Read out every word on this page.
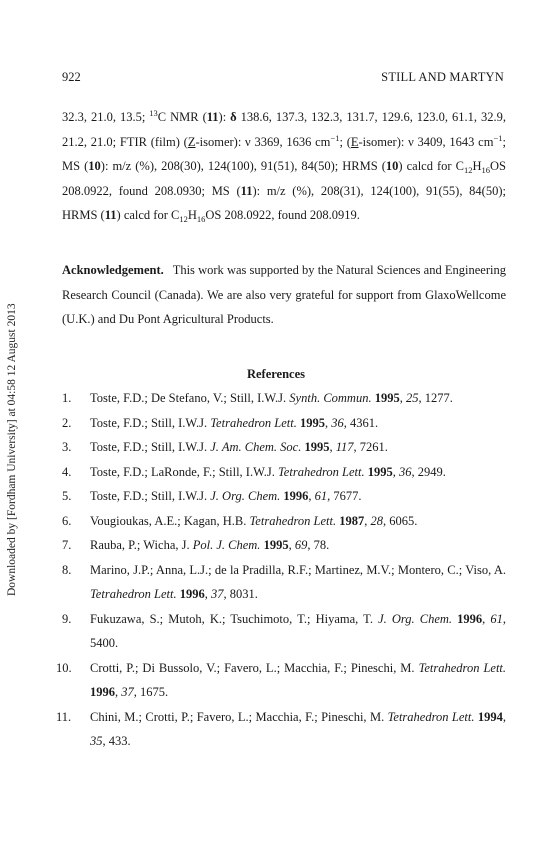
922	STILL AND MARTYN
Downloaded by [Fordham University] at 04:58 12 August 2013
32.3, 21.0, 13.5; $^{13}$C NMR (11): δ 138.6, 137.3, 132.3, 131.7, 129.6, 123.0, 61.1, 32.9, 21.2, 21.0; FTIR (film) (Z-isomer): ν 3369, 1636 $cm^{-1}$; (E-isomer): ν 3409, 1643 $cm^{-1}$; MS (10): m/z (%), 208(30), 124(100), 91(51), 84(50); HRMS (10) calcd for $C_{12}H_{16}OS$ 208.0922, found 208.0930; MS (11): m/z (%), 208(31), 124(100), 91(55), 84(50); HRMS (11) calcd for $C_{12}H_{16}OS$ 208.0922, found 208.0919.
Acknowledgement. This work was supported by the Natural Sciences and Engineering Research Council (Canada). We are also very grateful for support from GlaxoWellcome (U.K.) and Du Pont Agricultural Products.
References
1. Toste, F.D.; De Stefano, V.; Still, I.W.J. Synth. Commun. 1995, 25, 1277.
2. Toste, F.D.; Still, I.W.J. Tetrahedron Lett. 1995, 36, 4361.
3. Toste, F.D.; Still, I.W.J. J. Am. Chem. Soc. 1995, 117, 7261.
4. Toste, F.D.; LaRonde, F.; Still, I.W.J. Tetrahedron Lett. 1995, 36, 2949.
5. Toste, F.D.; Still, I.W.J. J. Org. Chem. 1996, 61, 7677.
6. Vougioukas, A.E.; Kagan, H.B. Tetrahedron Lett. 1987, 28, 6065.
7. Rauba, P.; Wicha, J. Pol. J. Chem. 1995, 69, 78.
8. Marino, J.P.; Anna, L.J.; de la Pradilla, R.F.; Martinez, M.V.; Montero, C.; Viso, A. Tetrahedron Lett. 1996, 37, 8031.
9. Fukuzawa, S.; Mutoh, K.; Tsuchimoto, T.; Hiyama, T. J. Org. Chem. 1996, 61, 5400.
10. Crotti, P.; Di Bussolo, V.; Favero, L.; Macchia, F.; Pineschi, M. Tetrahedron Lett. 1996, 37, 1675.
11. Chini, M.; Crotti, P.; Favero, L.; Macchia, F.; Pineschi, M. Tetrahedron Lett. 1994, 35, 433.
